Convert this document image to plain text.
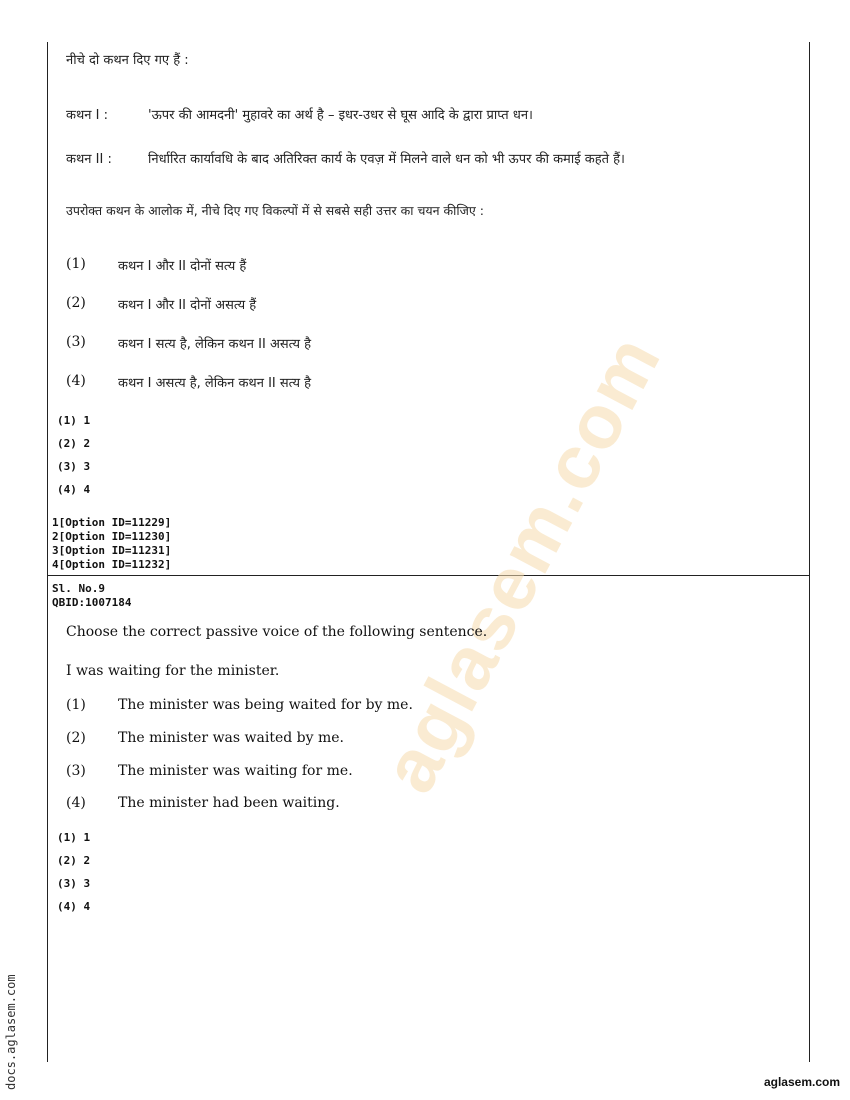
aglasem.com
नीचे दो कथन दिए गए हैं :
कथन I :	'ऊपर की आमदनी' मुहावरे का अर्थ है – इधर-उधर से घूस आदि के द्वारा प्राप्त धन।
कथन II :	निर्धारित कार्यावधि के बाद अतिरिक्त कार्य के एवज़ में मिलने वाले धन को भी ऊपर की कमाई कहते हैं।
उपरोक्त कथन के आलोक में, नीचे दिए गए विकल्पों में से सबसे सही उत्तर का चयन कीजिए :
(1) कथन I और II दोनों सत्य हैं
(2) कथन I और II दोनों असत्य हैं
(3) कथन I सत्य है, लेकिन कथन II असत्य है
(4) कथन I असत्य है, लेकिन कथन II सत्य है
(1) 1
(2) 2
(3) 3
(4) 4
1[Option ID=11229]
2[Option ID=11230]
3[Option ID=11231]
4[Option ID=11232]
Sl. No.9
QBID:1007184
Choose the correct passive voice of the following sentence.
I was waiting for the minister.
(1) The minister was being waited for by me.
(2) The minister was waited by me.
(3) The minister was waiting for me.
(4) The minister had been waiting.
(1) 1
(2) 2
(3) 3
(4) 4
docs.aglasem.com	aglasem.com
